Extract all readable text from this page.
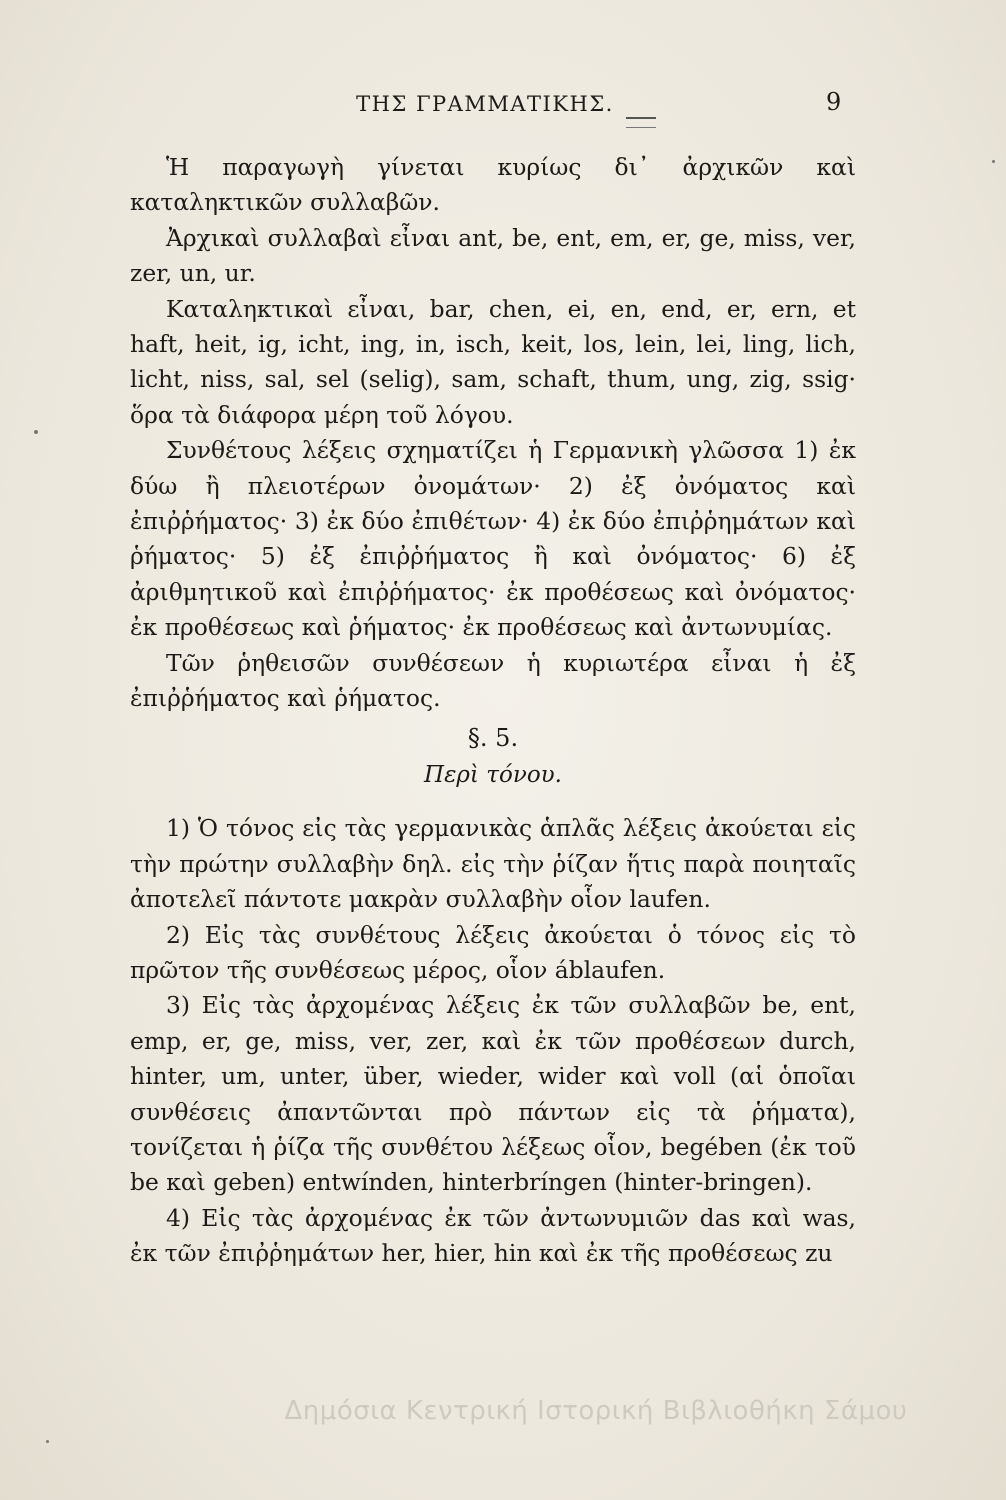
ΤΗΣ ΓΡΑΜΜΑΤΙΚΗΣ.	9

Ἡ παραγωγὴ γίνεται κυρίως δι᾽ ἀρχικῶν καὶ καταληκτικῶν συλλαβῶν.

Ἀρχικαὶ συλλαβαὶ εἶναι ant, be, ent, em, er, ge, miss, ver, zer, un, ur.

Καταληκτικαὶ εἶναι, bar, chen, ei, en, end, er, ern, et haft, heit, ig, icht, ing, in, isch, keit, los, lein, lei, ling, lich, licht, niss, sal, sel (selig), sam, schaft, thum, ung, zig, ssig· ὅρα τὰ διάφορα μέρη τοῦ λόγου.

Συνθέτους λέξεις σχηματίζει ἡ Γερμανικὴ γλῶσσα 1) ἐκ δύω ἢ πλειοτέρων ὀνομάτων· 2) ἐξ ὀνόματος καὶ ἐπιῤῥήματος· 3) ἐκ δύο ἐπιθέτων· 4) ἐκ δύο ἐπιῤῥημάτων καὶ ῥήματος· 5) ἐξ ἐπιῤῥήματος ἢ καὶ ὀνόματος· 6) ἐξ ἀριθμητικοῦ καὶ ἐπιῤῥήματος· ἐκ προθέσεως καὶ ὀνόματος· ἐκ προθέσεως καὶ ῥήματος· ἐκ προθέσεως καὶ ἀντωνυμίας.

Τῶν ῥηθεισῶν συνθέσεων ἡ κυριωτέρα εἶναι ἡ ἐξ ἐπιῤῥήματος καὶ ῥήματος.

§. 5.

Περὶ τόνου.

1) Ὁ τόνος εἰς τὰς γερμανικὰς ἁπλᾶς λέξεις ἀκούεται εἰς τὴν πρώτην συλλαβὴν δηλ. εἰς τὴν ῥίζαν ἥτις παρὰ ποιηταῖς ἀποτελεῖ πάντοτε μακρὰν συλλαβὴν οἷον laufen.

2) Εἰς τὰς συνθέτους λέξεις ἀκούεται ὁ τόνος εἰς τὸ πρῶτον τῆς συνθέσεως μέρος, οἷον áblaufen.

3) Εἰς τὰς ἀρχομένας λέξεις ἐκ τῶν συλλαβῶν be, ent, emp, er, ge, miss, ver, zer, καὶ ἐκ τῶν προθέσεων durch, hinter, um, unter, über, wieder, wider καὶ voll (αἱ ὁποῖαι συνθέσεις ἀπαντῶνται πρὸ πάντων εἰς τὰ ῥήματα), τονίζεται ἡ ῥίζα τῆς συνθέτου λέξεως οἷον, begében (ἐκ τοῦ be καὶ geben) entwínden, hinterbríngen (hinter-bringen).

4) Εἰς τὰς ἀρχομένας ἐκ τῶν ἀντωνυμιῶν das καὶ was, ἐκ τῶν ἐπιῤῥημάτων her, hier, hin καὶ ἐκ τῆς προθέσεως zu

Δημόσια Κεντρική Ιστορική Βιβλιοθήκη Σάμου
